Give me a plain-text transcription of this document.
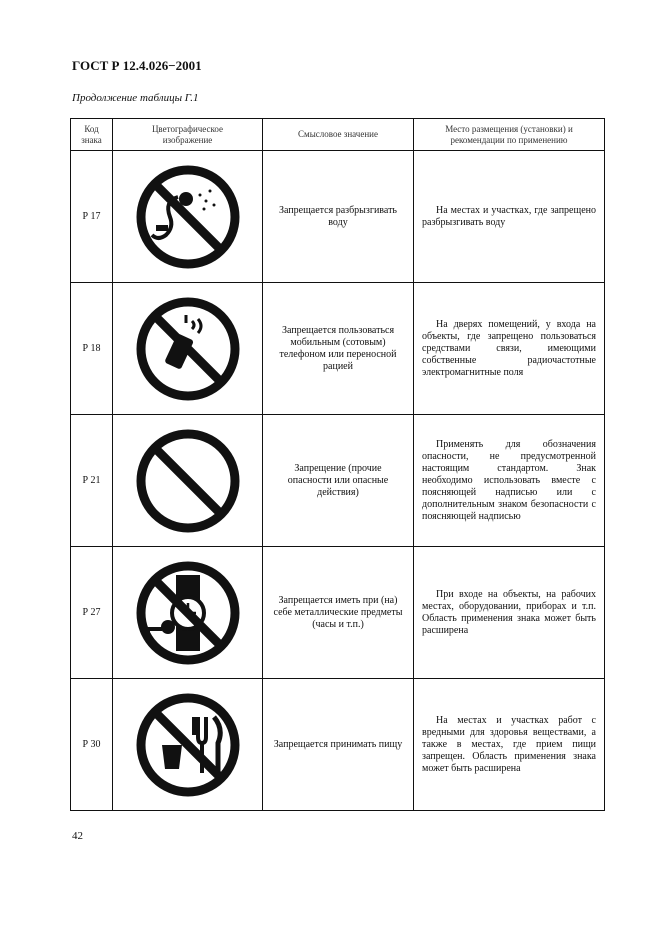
ГОСТ Р 12.4.026−2001
Продолжение таблицы Г.1
Код знака	Цветографическое изображение	Смысловое значение	Место размещения (установки) и рекомендации по применению
Р 17		Запрещается разбрызгивать воду	На местах и участках, где запрещено разбрызгивать воду

Р 18		Запрещается пользоваться мобильным (сотовым) телефоном или переносной рацией	На дверях помещений, у входа на объекты, где запрещено пользоваться средствами связи, имеющими собственные радиочастотные электромагнитные поля

Р 21		Запрещение (прочие опасности или опасные действия)	Применять для обозначения опасности, не предусмотренной настоящим стандартом. Знак необходимо использовать вместе с поясняющей надписью или с дополнительным знаком безопасности с поясняющей надписью

Р 27		Запрещается иметь при (на) себе металлические предметы (часы и т.п.)	При входе на объекты, на рабочих местах, оборудовании, приборах и т.п. Область применения знака может быть расширена

Р 30		Запрещается принимать пищу	На местах и участках работ с вредными для здоровья веществами, а также в местах, где прием пищи запрещен. Область применения знака может быть расширена
42
